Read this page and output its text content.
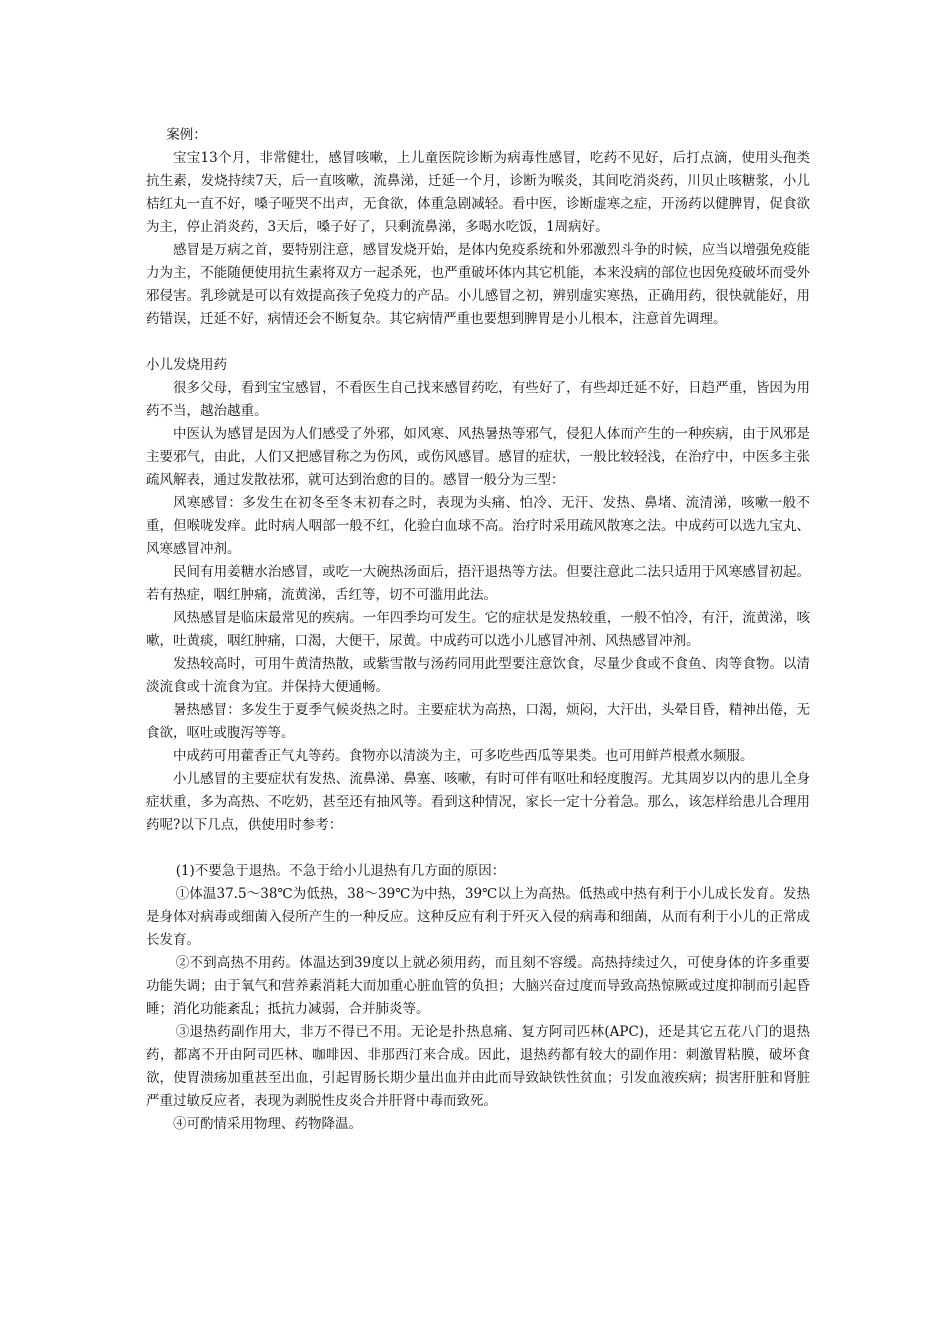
案例：

宝宝13个月，非常健壮，感冒咳嗽，上儿童医院诊断为病毒性感冒，吃药不见好，后打点滴，使用头孢类抗生素，发烧持续7天，后一直咳嗽，流鼻涕，迁延一个月，诊断为喉炎，其间吃消炎药，川贝止咳糖浆，小儿桔红丸一直不好，嗓子哑哭不出声，无食欲，体重急剧减轻。看中医，诊断虚寒之症，开汤药以健脾胃，促食欲为主，停止消炎药，3天后，嗓子好了，只剩流鼻涕，多喝水吃饭，1周病好。

感冒是万病之首，要特别注意，感冒发烧开始，是体内免疫系统和外邪激烈斗争的时候，应当以增强免疫能力为主，不能随便使用抗生素将双方一起杀死，也严重破坏体内其它机能，本来没病的部位也因免疫破坏而受外邪侵害。乳珍就是可以有效提高孩子免疫力的产品。小儿感冒之初，辨别虚实寒热，正确用药，很快就能好，用药错误，迁延不好，病情还会不断复杂。其它病情严重也要想到脾胃是小儿根本，注意首先调理。

小儿发烧用药

很多父母，看到宝宝感冒，不看医生自己找来感冒药吃，有些好了，有些却迁延不好，日趋严重，皆因为用药不当，越治越重。

中医认为感冒是因为人们感受了外邪，如风寒、风热暑热等邪气，侵犯人体而产生的一种疾病，由于风邪是主要邪气，由此，人们又把感冒称之为伤风，或伤风感冒。感冒的症状，一般比较轻浅，在治疗中，中医多主张疏风解表，通过发散祛邪，就可达到治愈的目的。感冒一般分为三型：

风寒感冒：多发生在初冬至冬末初春之时，表现为头痛、怕冷、无汗、发热、鼻堵、流清涕，咳嗽一般不重，但喉咙发痒。此时病人咽部一般不红，化验白血球不高。治疗时采用疏风散寒之法。中成药可以选九宝丸、风寒感冒冲剂。

民间有用姜糖水治感冒，或吃一大碗热汤面后，捂汗退热等方法。但要注意此二法只适用于风寒感冒初起。若有热症，咽红肿痛，流黄涕，舌红等，切不可滥用此法。

风热感冒是临床最常见的疾病。一年四季均可发生。它的症状是发热较重，一般不怕冷，有汗，流黄涕，咳嗽，吐黄痰，咽红肿痛，口渴，大便干，尿黄。中成药可以选小儿感冒冲剂、风热感冒冲剂。

发热较高时，可用牛黄清热散，或紫雪散与汤药同用此型要注意饮食，尽量少食或不食鱼、肉等食物。以清淡流食或十流食为宜。并保持大便通畅。

暑热感冒：多发生于夏季气候炎热之时。主要症状为高热，口渴，烦闷，大汗出，头晕目昏，精神出倦，无食欲，呕吐或腹泻等等。

中成药可用藿香正气丸等药。食物亦以清淡为主，可多吃些西瓜等果类。也可用鲜芦根煮水频服。

小儿感冒的主要症状有发热、流鼻涕、鼻塞、咳嗽，有时可伴有呕吐和轻度腹泻。尤其周岁以内的患儿全身症状重，多为高热、不吃奶，甚至还有抽风等。看到这种情况，家长一定十分着急。那么，该怎样给患儿合理用药呢?以下几点，供使用时参考：

(1)不要急于退热。不急于给小儿退热有几方面的原因：

①体温37.5～38℃为低热，38～39℃为中热，39℃以上为高热。低热或中热有利于小儿成长发育。发热是身体对病毒或细菌入侵所产生的一种反应。这种反应有利于歼灭入侵的病毒和细菌，从而有利于小儿的正常成长发育。

②不到高热不用药。体温达到39度以上就必须用药，而且刻不容缓。高热持续过久，可使身体的许多重要功能失调；由于氧气和营养素消耗大而加重心脏血管的负担；大脑兴奋过度而导致高热惊厥或过度抑制而引起昏睡；消化功能紊乱；抵抗力减弱，合并肺炎等。

③退热药副作用大，非万不得已不用。无论是扑热息痛、复方阿司匹林(APC)，还是其它五花八门的退热药，都离不开由阿司匹林、咖啡因、非那西汀来合成。因此，退热药都有较大的副作用：刺激胃粘膜，破坏食欲，使胃溃疡加重甚至出血，引起胃肠长期少量出血并由此而导致缺铁性贫血；引发血液疾病；损害肝脏和肾脏严重过敏反应者，表现为剥脱性皮炎合并肝肾中毒而致死。

④可酌情采用物理、药物降温。
